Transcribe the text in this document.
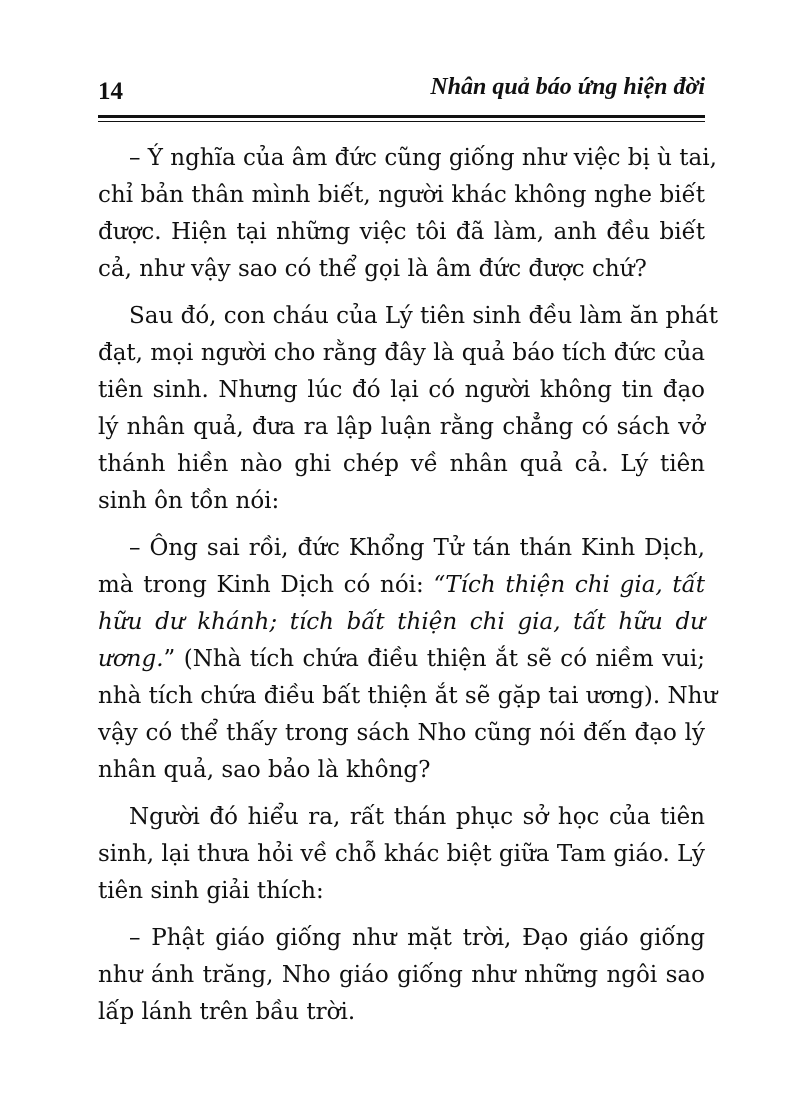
14	Nhân quả báo ứng hiện đời
– Ý nghĩa của âm đức cũng giống như việc bị ù tai,
chỉ bản thân mình biết, người khác không nghe biết
được. Hiện tại những việc tôi đã làm, anh đều biết
cả, như vậy sao có thể gọi là âm đức được chứ?
Sau đó, con cháu của Lý tiên sinh đều làm ăn phát
đạt, mọi người cho rằng đây là quả báo tích đức của
tiên sinh. Nhưng lúc đó lại có người không tin đạo
lý nhân quả, đưa ra lập luận rằng chẳng có sách vở
thánh hiền nào ghi chép về nhân quả cả. Lý tiên
sinh ôn tồn nói:
– Ông sai rồi, đức Khổng Tử tán thán Kinh Dịch,
mà trong Kinh Dịch có nói: “Tích thiện chi gia, tất
hữu dư khánh; tích bất thiện chi gia, tất hữu dư
ương.” (Nhà tích chứa điều thiện ắt sẽ có niềm vui;
nhà tích chứa điều bất thiện ắt sẽ gặp tai ương). Như
vậy có thể thấy trong sách Nho cũng nói đến đạo lý
nhân quả, sao bảo là không?
Người đó hiểu ra, rất thán phục sở học của tiên
sinh, lại thưa hỏi về chỗ khác biệt giữa Tam giáo. Lý
tiên sinh giải thích:
– Phật giáo giống như mặt trời, Đạo giáo giống
như ánh trăng, Nho giáo giống như những ngôi sao
lấp lánh trên bầu trời.
